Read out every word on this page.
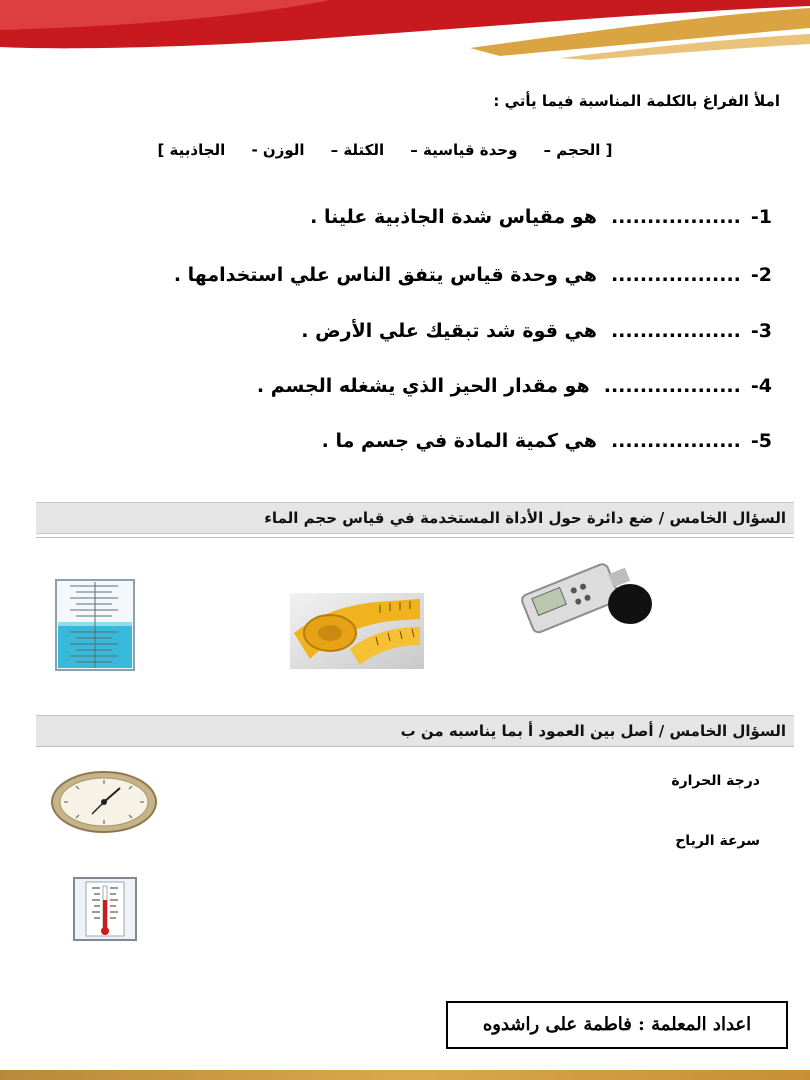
املأ الفراغ بالكلمة المناسبة فيما يأتي :
[ الحجم –     وحدة قياسية –     الكتلة –     الوزن -     الجاذبية ]
1-..................هو مقياس شدة الجاذبية علينا .
2-..................هي وحدة قياس يتفق الناس علي استخدامها .
3-..................هي قوة شد تبقيك علي الأرض .
4-...................هو مقدار الحيز الذي يشغله الجسم .
5-..................هي كمية المادة في جسم ما .
السؤال الخامس / ضع دائرة حول الأداة المستخدمة في قياس حجم الماء
السؤال الخامس / أصل بين العمود أ بما يناسبه من ب
درجة الحرارة
سرعة الرياح
اعداد المعلمة : فاطمة على راشدوه
